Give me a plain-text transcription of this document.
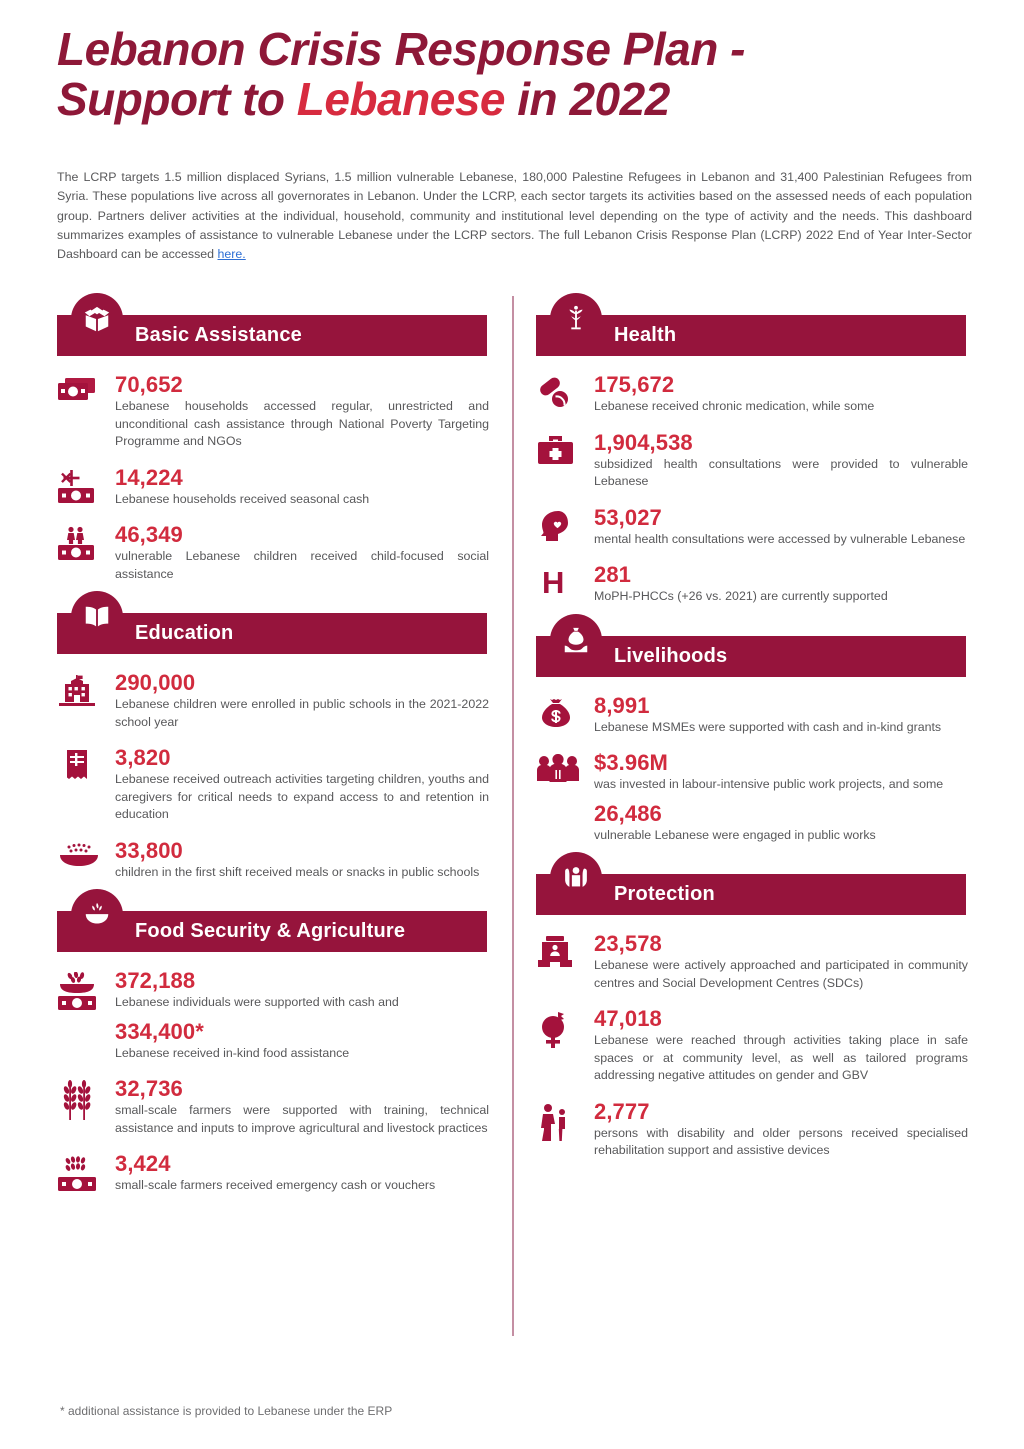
Lebanon Crisis Response Plan -
Support to Lebanese in 2022

The LCRP targets 1.5 million displaced Syrians, 1.5 million vulnerable Lebanese, 180,000 Palestine Refugees in Lebanon and 31,400 Palestinian Refugees from Syria. These populations live across all governorates in Lebanon. Under the LCRP, each sector targets its activities based on the assessed needs of each population group. Partners deliver activities at the individual, household, community and institutional level depending on the type of activity and the needs. This dashboard summarizes examples of assistance to vulnerable Lebanese under the LCRP sectors. The full Lebanon Crisis Response Plan (LCRP) 2022 End of Year Inter-Sector Dashboard can be accessed here.

Basic Assistance
70,652
Lebanese households accessed regular, unrestricted and unconditional cash assistance through National Poverty Targeting Programme and NGOs
14,224
Lebanese households received seasonal cash
46,349
vulnerable Lebanese children received child-focused social assistance
Education
290,000
Lebanese children were enrolled in public schools in the 2021-2022 school year
3,820
Lebanese received outreach activities targeting children, youths and caregivers for critical needs to expand access to and retention in education
33,800
children in the first shift received meals or snacks in public schools
Food Security & Agriculture
372,188
Lebanese individuals were supported with cash and
334,400*
Lebanese received in-kind food assistance
32,736
small-scale farmers were supported with training, technical assistance and inputs to improve agricultural and livestock practices
3,424
small-scale farmers received emergency cash or vouchers
Health
175,672
Lebanese received chronic medication, while some
1,904,538
subsidized health consultations were provided to vulnerable Lebanese
53,027
mental health consultations were accessed by vulnerable Lebanese
H 281
MoPH-PHCCs (+26 vs. 2021) are currently supported
Livelihoods
8,991
Lebanese MSMEs were supported with cash and in-kind grants
$3.96M
was invested in labour-intensive public work projects, and some
26,486
vulnerable Lebanese were engaged in public works
Protection
23,578
Lebanese were actively approached and participated in community centres and Social Development Centres (SDCs)
47,018
Lebanese were reached through activities taking place in safe spaces or at community level, as well as tailored programs addressing negative attitudes on gender and GBV
2,777
persons with disability and older persons received specialised rehabilitation support and assistive devices
* additional assistance is provided to Lebanese under the ERP
